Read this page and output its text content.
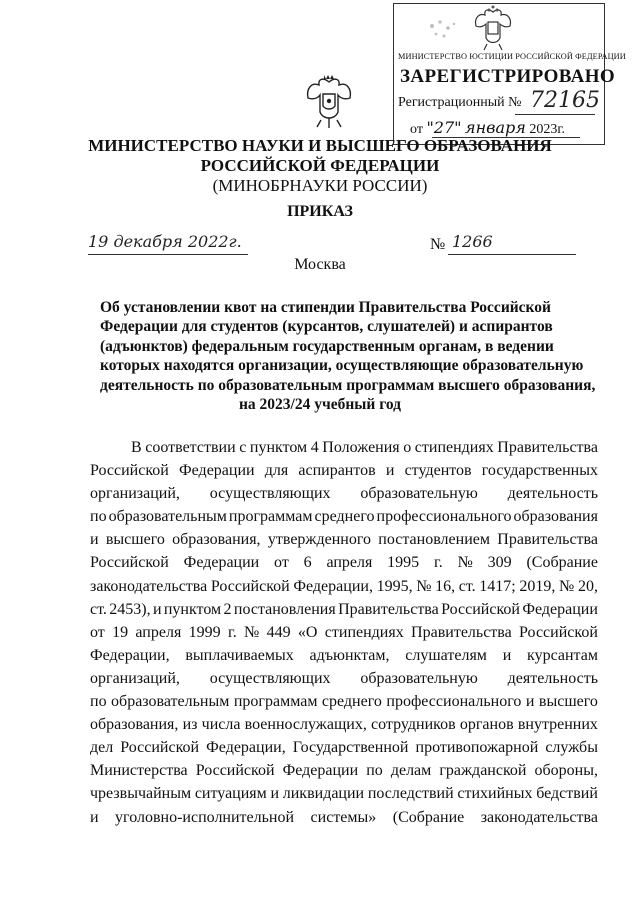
МИНИСТЕРСТВО ЮСТИЦИИ РОССИЙСКОЙ ФЕДЕРАЦИИ
ЗАРЕГИСТРИРОВАНО
Регистрационный № 72165
от "27" января 2023г.
МИНИСТЕРСТВО НАУКИ И ВЫСШЕГО ОБРАЗОВАНИЯ
РОССИЙСКОЙ ФЕДЕРАЦИИ
(МИНОБРНАУКИ РОССИИ)
ПРИКАЗ
19 декабря 2022г.	№ 1266
Москва
Об установлении квот на стипендии Правительства Российской
Федерации для студентов (курсантов, слушателей) и аспирантов
(адъюнктов) федеральным государственным органам, в ведении
которых находятся организации, осуществляющие образовательную
деятельность по образовательным программам высшего образования,
на 2023/24 учебный год
В соответствии с пунктом 4 Положения о стипендиях Правительства
Российской Федерации для аспирантов и студентов государственных
организаций, осуществляющих образовательную деятельность
по образовательным программам среднего профессионального образования
и высшего образования, утвержденного постановлением Правительства
Российской Федерации от 6 апреля 1995 г. № 309 (Собрание
законодательства Российской Федерации, 1995, № 16, ст. 1417; 2019, № 20,
ст. 2453), и пунктом 2 постановления Правительства Российской Федерации
от 19 апреля 1999 г. № 449 «О стипендиях Правительства Российской
Федерации, выплачиваемых адъюнктам, слушателям и курсантам
организаций, осуществляющих образовательную деятельность
по образовательным программам среднего профессионального и высшего
образования, из числа военнослужащих, сотрудников органов внутренних
дел Российской Федерации, Государственной противопожарной службы
Министерства Российской Федерации по делам гражданской обороны,
чрезвычайным ситуациям и ликвидации последствий стихийных бедствий
и уголовно-исполнительной системы» (Собрание законодательства
